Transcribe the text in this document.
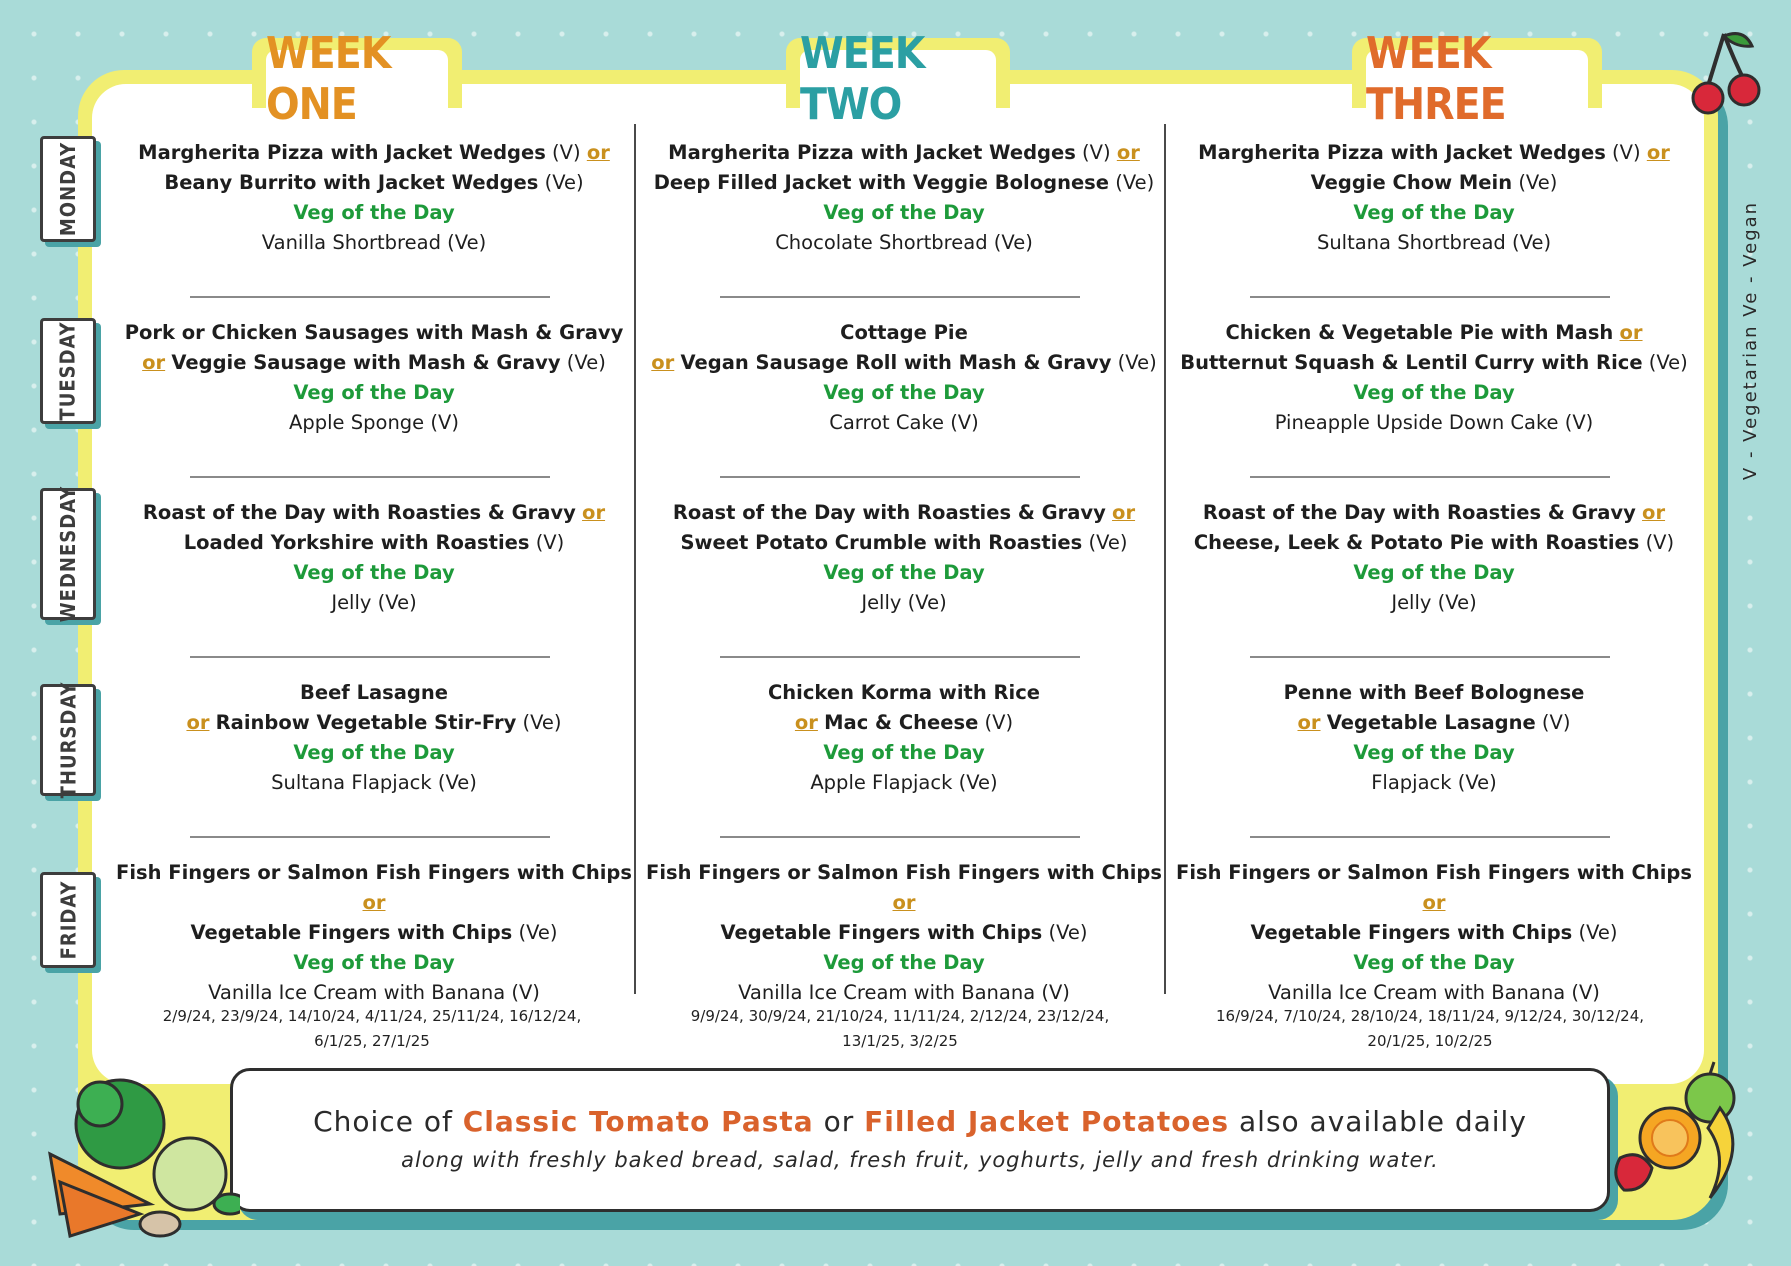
WEEK ONE
WEEK TWO
WEEK THREE
MONDAY
TUESDAY
WEDNESDAY
THURSDAY
FRIDAY
Margherita Pizza with Jacket Wedges (V) or
Beany Burrito with Jacket Wedges (Ve)
Veg of the Day
Vanilla Shortbread (Ve)
Pork or Chicken Sausages with Mash & Gravy
or Veggie Sausage with Mash & Gravy (Ve)
Veg of the Day
Apple Sponge (V)
Roast of the Day with Roasties & Gravy or
Loaded Yorkshire with Roasties (V)
Veg of the Day
Jelly (Ve)
Beef Lasagne
or Rainbow Vegetable Stir-Fry (Ve)
Veg of the Day
Sultana Flapjack (Ve)
Fish Fingers or Salmon Fish Fingers with Chips or
Vegetable Fingers with Chips (Ve)
Veg of the Day
Vanilla Ice Cream with Banana (V)
Margherita Pizza with Jacket Wedges (V) or
Deep Filled Jacket with Veggie Bolognese (Ve)
Veg of the Day
Chocolate Shortbread (Ve)
Cottage Pie
or Vegan Sausage Roll with Mash & Gravy (Ve)
Veg of the Day
Carrot Cake (V)
Roast of the Day with Roasties & Gravy or
Sweet Potato Crumble with Roasties (Ve)
Veg of the Day
Jelly (Ve)
Chicken Korma with Rice
or Mac & Cheese (V)
Veg of the Day
Apple Flapjack (Ve)
Fish Fingers or Salmon Fish Fingers with Chips or
Vegetable Fingers with Chips (Ve)
Veg of the Day
Vanilla Ice Cream with Banana (V)
Margherita Pizza with Jacket Wedges (V) or
Veggie Chow Mein (Ve)
Veg of the Day
Sultana Shortbread (Ve)
Chicken & Vegetable Pie with Mash or
Butternut Squash & Lentil Curry with Rice (Ve)
Veg of the Day
Pineapple Upside Down Cake (V)
Roast of the Day with Roasties & Gravy or
Cheese, Leek & Potato Pie with Roasties (V)
Veg of the Day
Jelly (Ve)
Penne with Beef Bolognese
or Vegetable Lasagne (V)
Veg of the Day
Flapjack (Ve)
Fish Fingers or Salmon Fish Fingers with Chips or
Vegetable Fingers with Chips (Ve)
Veg of the Day
Vanilla Ice Cream with Banana (V)
2/9/24, 23/9/24, 14/10/24, 4/11/24, 25/11/24, 16/12/24, 6/1/25, 27/1/25
9/9/24, 30/9/24, 21/10/24, 11/11/24, 2/12/24, 23/12/24, 13/1/25, 3/2/25
16/9/24, 7/10/24, 28/10/24, 18/11/24, 9/12/24, 30/12/24, 20/1/25, 10/2/25
Choice of Classic Tomato Pasta or Filled Jacket Potatoes also available daily
along with freshly baked bread, salad, fresh fruit, yoghurts, jelly and fresh drinking water.
V - Vegetarian Ve - Vegan
